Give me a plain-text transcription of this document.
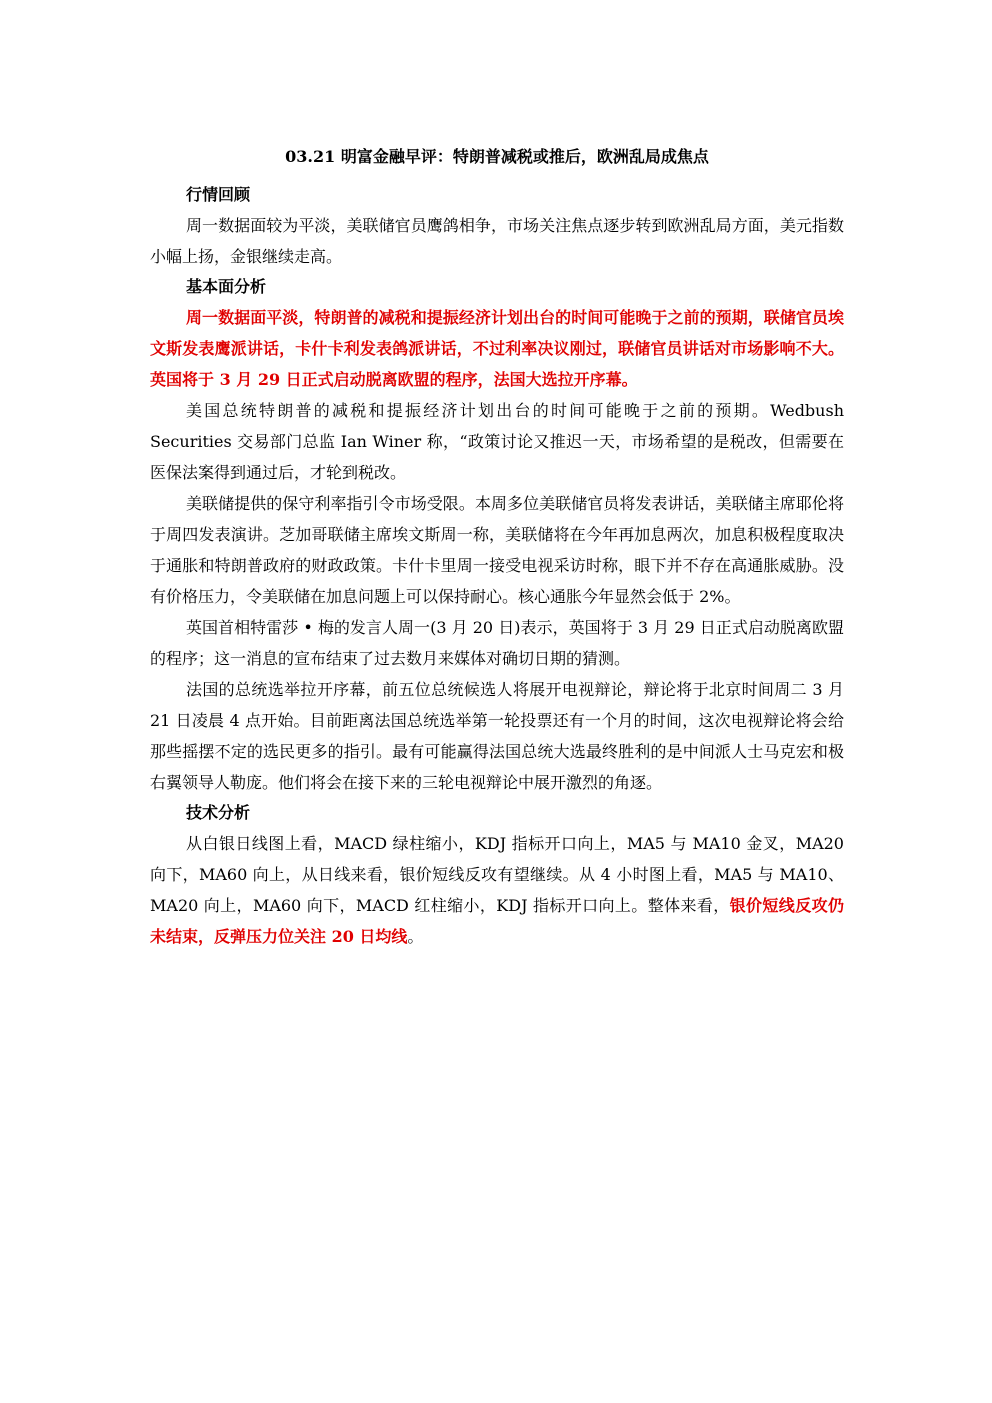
03.21 明富金融早评：特朗普减税或推后，欧洲乱局成焦点

行情回顾

周一数据面较为平淡，美联储官员鹰鸽相争，市场关注焦点逐步转到欧洲乱局方面，美元指数小幅上扬，金银继续走高。

基本面分析

周一数据面平淡，特朗普的减税和提振经济计划出台的时间可能晚于之前的预期，联储官员埃文斯发表鹰派讲话，卡什卡利发表鸽派讲话，不过利率决议刚过，联储官员讲话对市场影响不大。英国将于 3 月 29 日正式启动脱离欧盟的程序，法国大选拉开序幕。

美国总统特朗普的减税和提振经济计划出台的时间可能晚于之前的预期。Wedbush Securities 交易部门总监 Ian Winer 称，“政策讨论又推迟一天，市场希望的是税改，但需要在医保法案得到通过后，才轮到税改。

美联储提供的保守利率指引令市场受限。本周多位美联储官员将发表讲话，美联储主席耶伦将于周四发表演讲。芝加哥联储主席埃文斯周一称，美联储将在今年再加息两次，加息积极程度取决于通胀和特朗普政府的财政政策。卡什卡里周一接受电视采访时称，眼下并不存在高通胀威胁。没有价格压力，令美联储在加息问题上可以保持耐心。核心通胀今年显然会低于 2%。

英国首相特雷莎 • 梅的发言人周一(3 月 20 日)表示，英国将于 3 月 29 日正式启动脱离欧盟的程序；这一消息的宣布结束了过去数月来媒体对确切日期的猜测。

法国的总统选举拉开序幕，前五位总统候选人将展开电视辩论，辩论将于北京时间周二 3 月 21 日凌晨 4 点开始。目前距离法国总统选举第一轮投票还有一个月的时间，这次电视辩论将会给那些摇摆不定的选民更多的指引。最有可能赢得法国总统大选最终胜利的是中间派人士马克宏和极右翼领导人勒庞。他们将会在接下来的三轮电视辩论中展开激烈的角逐。

技术分析

从白银日线图上看，MACD 绿柱缩小，KDJ 指标开口向上，MA5 与 MA10 金叉，MA20 向下，MA60 向上，从日线来看，银价短线反攻有望继续。从 4 小时图上看，MA5 与 MA10、MA20 向上，MA60 向下，MACD 红柱缩小，KDJ 指标开口向上。整体来看，银价短线反攻仍未结束，反弹压力位关注 20 日均线。
